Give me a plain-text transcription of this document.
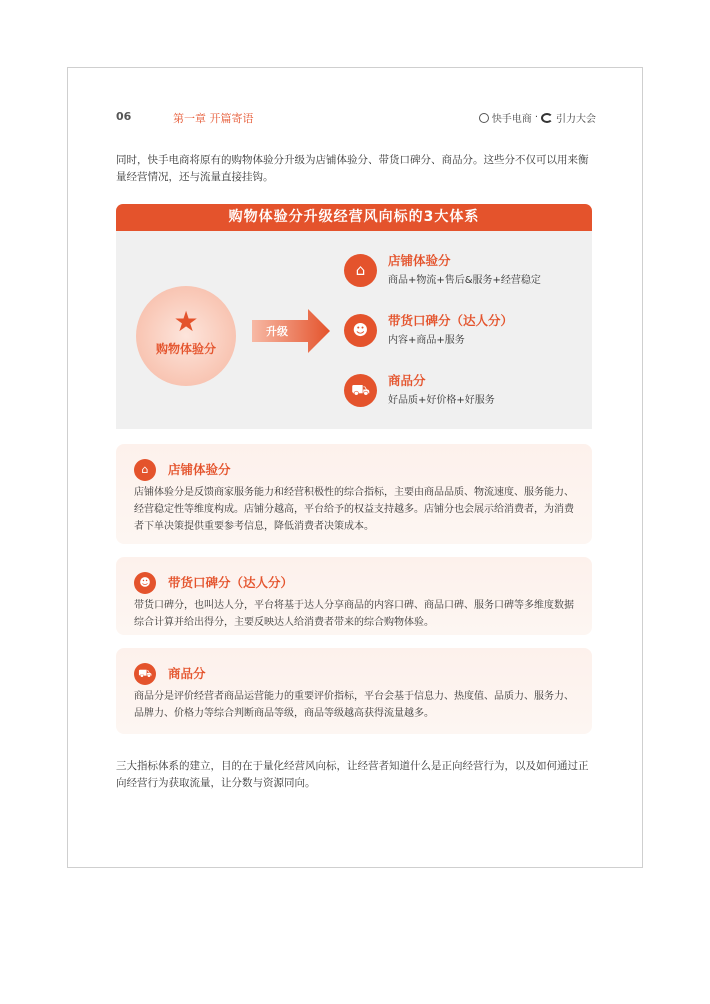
06	第一章 开篇寄语	快手电商 · 引力大会

同时，快手电商将原有的购物体验分升级为店铺体验分、带货口碑分、商品分。这些分不仅可以用来衡量经营情况，还与流量直接挂钩。

购物体验分升级经营风向标的3大体系
★
购物体验分
升级
⌂
店铺体验分
商品+物流+售后&服务+经营稳定
☻
带货口碑分（达人分）
内容+商品+服务
⛟
商品分
好品质+好价格+好服务
⌂	店铺体验分

店铺体验分是反馈商家服务能力和经营积极性的综合指标，主要由商品品质、物流速度、服务能力、经营稳定性等维度构成。店铺分越高，平台给予的权益支持越多。店铺分也会展示给消费者，为消费者下单决策提供重要参考信息，降低消费者决策成本。

☻	带货口碑分（达人分）

带货口碑分，也叫达人分，平台将基于达人分享商品的内容口碑、商品口碑、服务口碑等多维度数据综合计算并给出得分，主要反映达人给消费者带来的综合购物体验。

⛟	商品分

商品分是评价经营者商品运营能力的重要评价指标，平台会基于信息力、热度值、品质力、服务力、品牌力、价格力等综合判断商品等级，商品等级越高获得流量越多。

三大指标体系的建立，目的在于量化经营风向标，让经营者知道什么是正向经营行为，以及如何通过正向经营行为获取流量，让分数与资源同向。
